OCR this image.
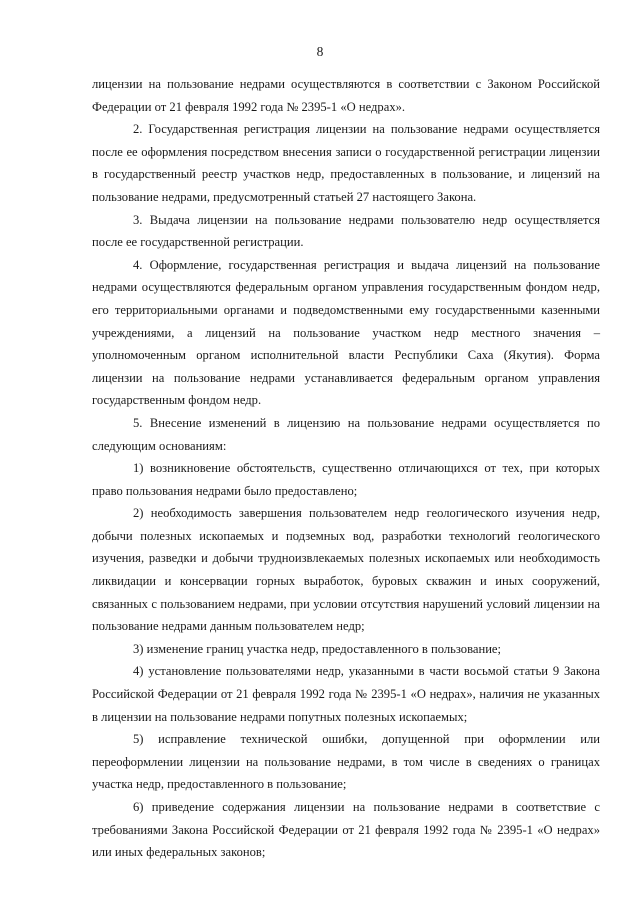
8

лицензии на пользование недрами осуществляются в соответствии с Законом Российской Федерации от 21 февраля 1992 года № 2395-1 «О недрах».

2. Государственная регистрация лицензии на пользование недрами осуществляется после ее оформления посредством внесения записи о государственной регистрации лицензии в государственный реестр участков недр, предоставленных в пользование, и лицензий на пользование недрами, предусмотренный статьей 27 настоящего Закона.

3. Выдача лицензии на пользование недрами пользователю недр осуществляется после ее государственной регистрации.

4. Оформление, государственная регистрация и выдача лицензий на пользование недрами осуществляются федеральным органом управления государственным фондом недр, его территориальными органами и подведомственными ему государственными казенными учреждениями, а лицензий на пользование участком недр местного значения – уполномоченным органом исполнительной власти Республики Саха (Якутия). Форма лицензии на пользование недрами устанавливается федеральным органом управления государственным фондом недр.

5. Внесение изменений в лицензию на пользование недрами осуществляется по следующим основаниям:

1) возникновение обстоятельств, существенно отличающихся от тех, при которых право пользования недрами было предоставлено;

2) необходимость завершения пользователем недр геологического изучения недр, добычи полезных ископаемых и подземных вод, разработки технологий геологического изучения, разведки и добычи трудноизвлекаемых полезных ископаемых или необходимость ликвидации и консервации горных выработок, буровых скважин и иных сооружений, связанных с пользованием недрами, при условии отсутствия нарушений условий лицензии на пользование недрами данным пользователем недр;

3) изменение границ участка недр, предоставленного в пользование;

4) установление пользователями недр, указанными в части восьмой статьи 9 Закона Российской Федерации от 21 февраля 1992 года № 2395-1 «О недрах», наличия не указанных в лицензии на пользование недрами попутных полезных ископаемых;

5) исправление технической ошибки, допущенной при оформлении или переоформлении лицензии на пользование недрами, в том числе в сведениях о границах участка недр, предоставленного в пользование;

6) приведение содержания лицензии на пользование недрами в соответствие с требованиями Закона Российской Федерации от 21 февраля 1992 года № 2395-1 «О недрах» или иных федеральных законов;
